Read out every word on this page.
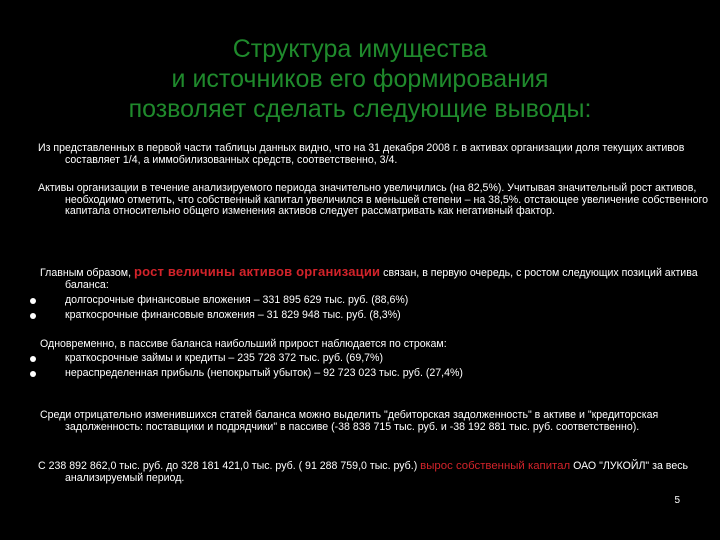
Структура имущества
и источников его формирования
позволяет сделать следующие выводы:
Из представленных в первой части таблицы данных видно, что на 31 декабря 2008 г. в активах организации доля текущих активов составляет 1/4, а иммобилизованных средств, соответственно, 3/4.
Активы организации в течение анализируемого периода значительно увеличились (на 82,5%). Учитывая значительный рост активов, необходимо отметить, что собственный капитал увеличился в меньшей степени – на 38,5%. отстающее увеличение собственного капитала относительно общего изменения активов следует рассматривать как негативный фактор.
Главным образом, рост величины активов организации связан, в первую очередь, с ростом следующих позиций актива баланса:
долгосрочные финансовые вложения – 331 895 629 тыс. руб. (88,6%)
краткосрочные финансовые вложения – 31 829 948 тыс. руб. (8,3%)
Одновременно, в пассиве баланса наибольший прирост наблюдается по строкам:
краткосрочные займы и кредиты – 235 728 372 тыс. руб. (69,7%)
нераспределенная прибыль (непокрытый убыток) – 92 723 023 тыс. руб. (27,4%)
Среди отрицательно изменившихся статей баланса можно выделить "дебиторская задолженность" в активе и "кредиторская задолженность: поставщики и подрядчики" в пассиве (-38 838 715 тыс. руб. и -38 192 881 тыс. руб. соответственно).
С 238 892 862,0 тыс. руб. до 328 181 421,0 тыс. руб. ( 91 288 759,0 тыс. руб.) вырос собственный капитал ОАО "ЛУКОЙЛ" за весь анализируемый период.
5
